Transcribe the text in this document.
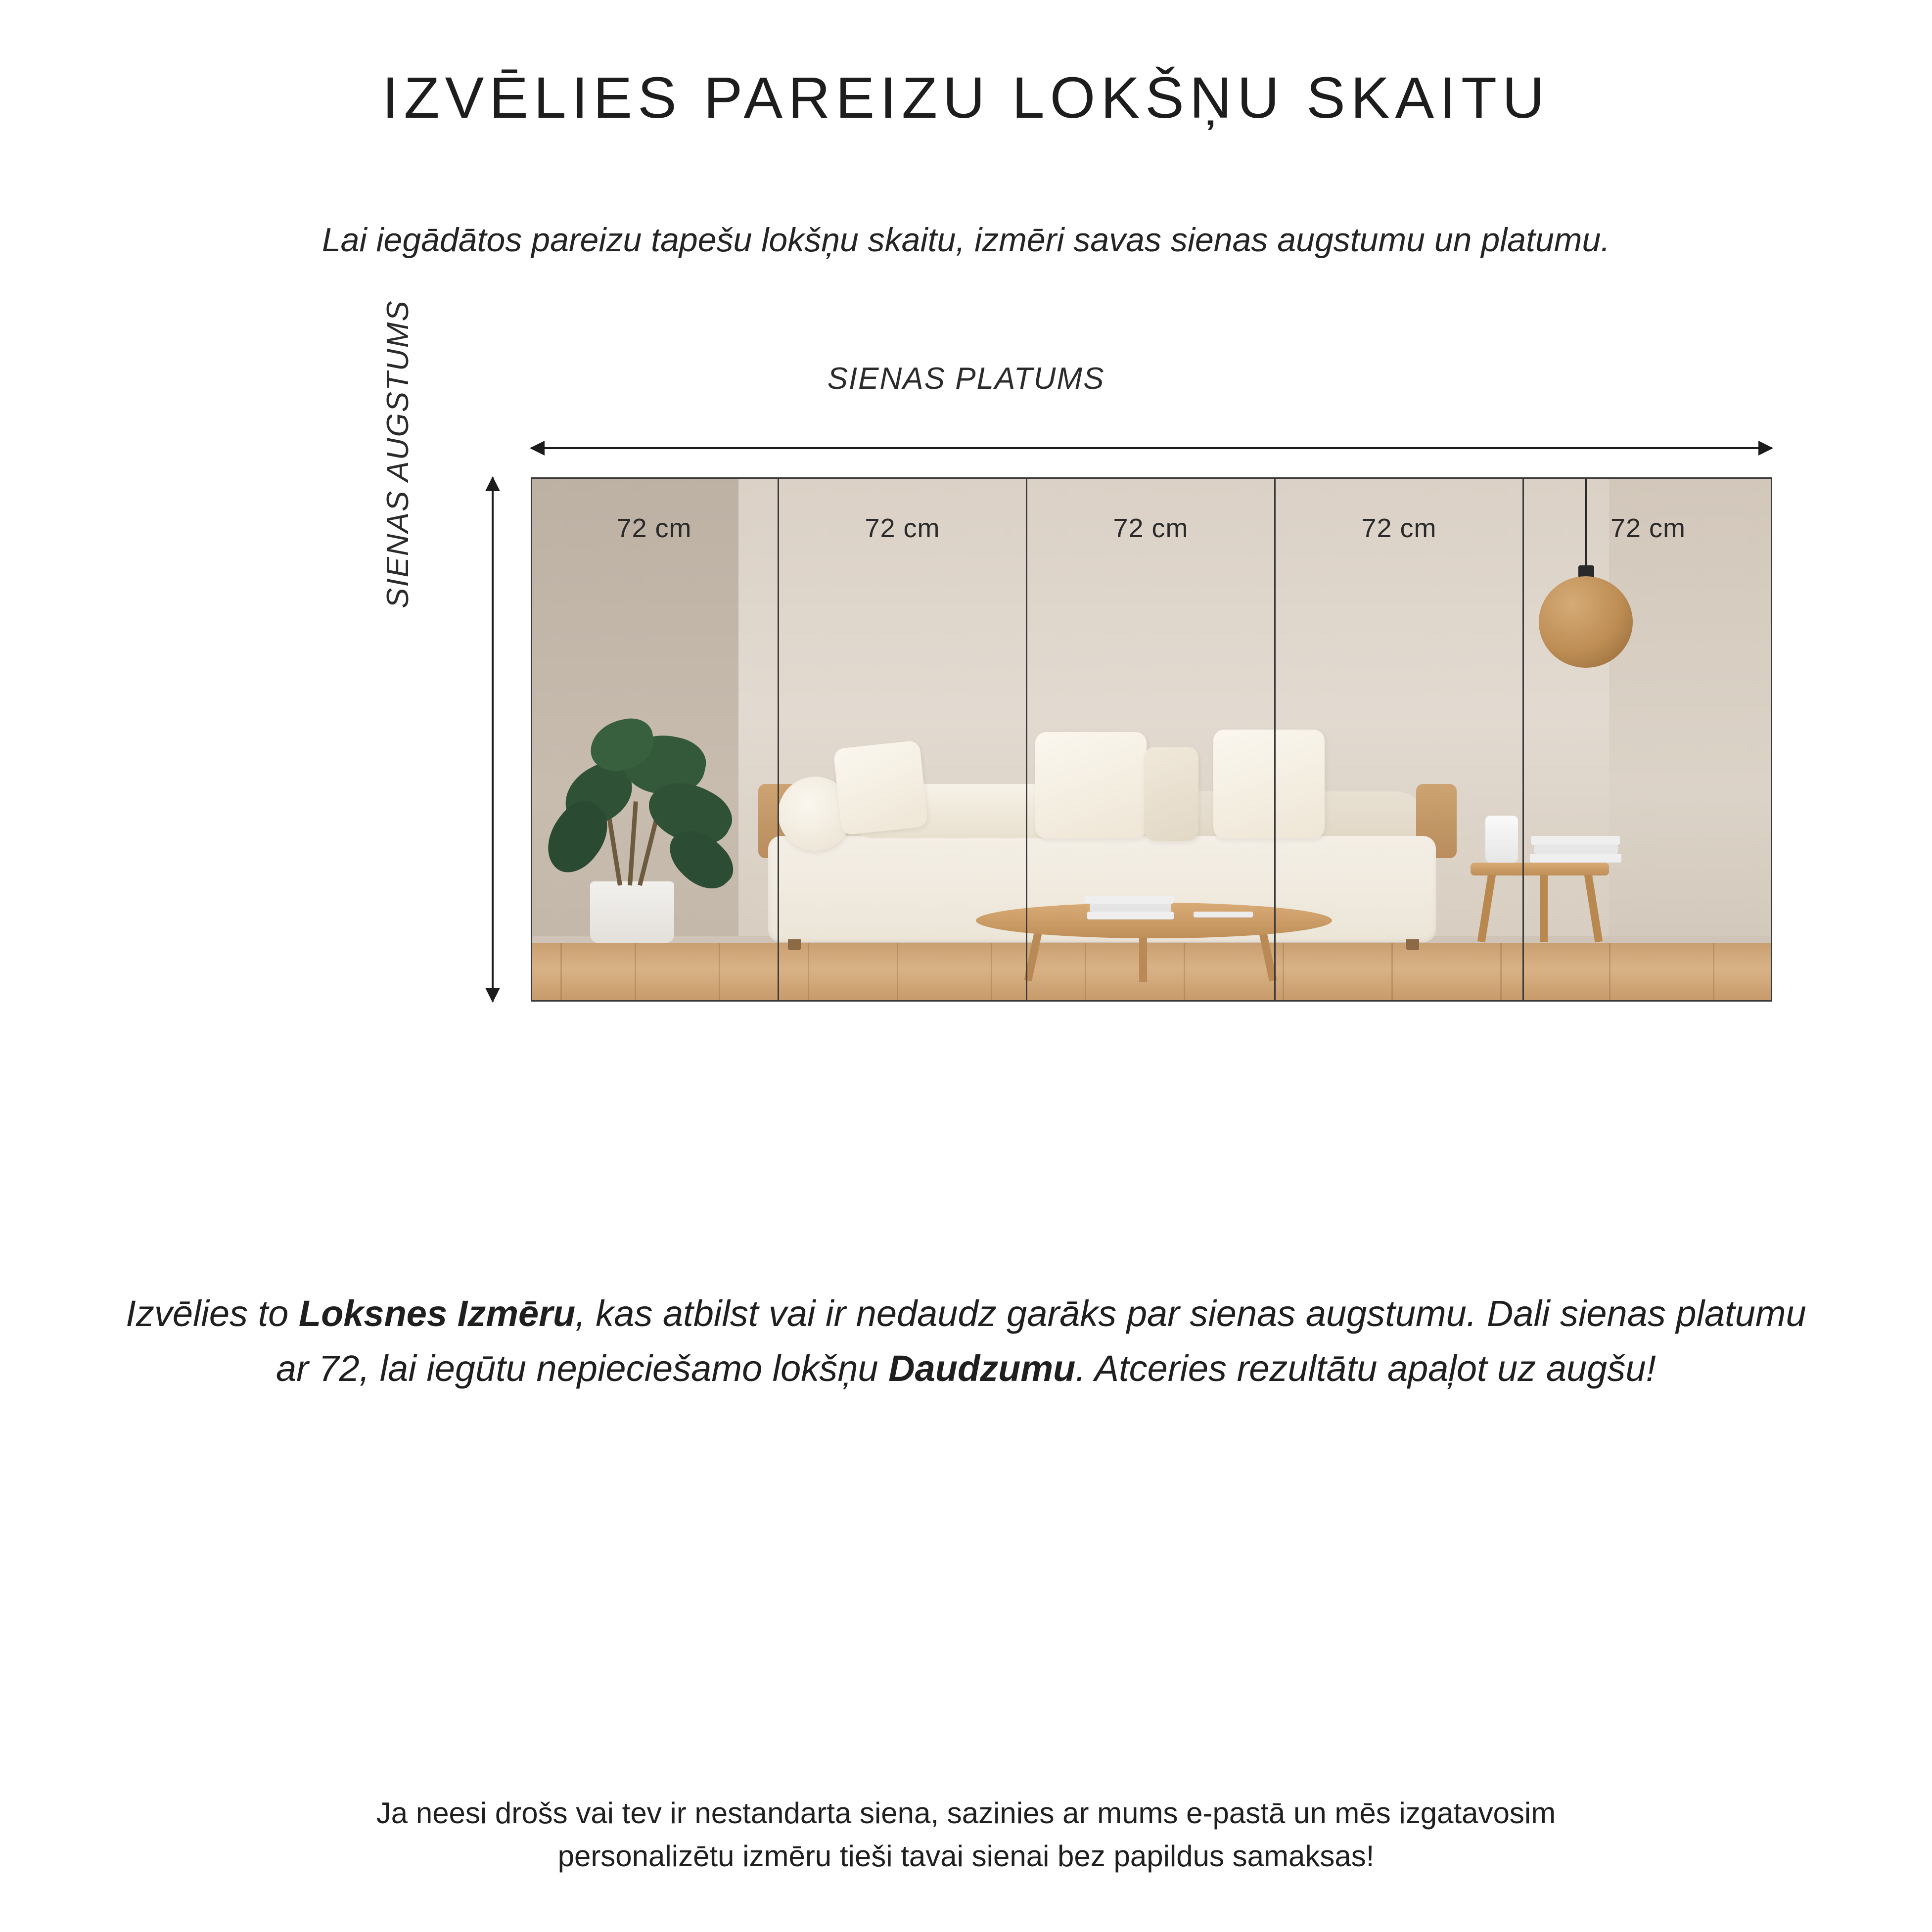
IZVĒLIES PAREIZU LOKŠŅU SKAITU
Lai iegādātos pareizu tapešu lokšņu skaitu, izmēri savas sienas augstumu un platumu.
SIENAS PLATUMS
SIENAS AUGSTUMS	72 cm	72 cm	72 cm	72 cm	72 cm
Izvēlies to Loksnes Izmēru, kas atbilst vai ir nedaudz garāks par sienas augstumu. Dali sienas platumu ar 72, lai iegūtu nepieciešamo lokšņu Daudzumu. Atceries rezultātu apaļot uz augšu!
Ja neesi drošs vai tev ir nestandarta siena, sazinies ar mums e-pastā un mēs izgatavosim
personalizētu izmēru tieši tavai sienai bez papildus samaksas!
